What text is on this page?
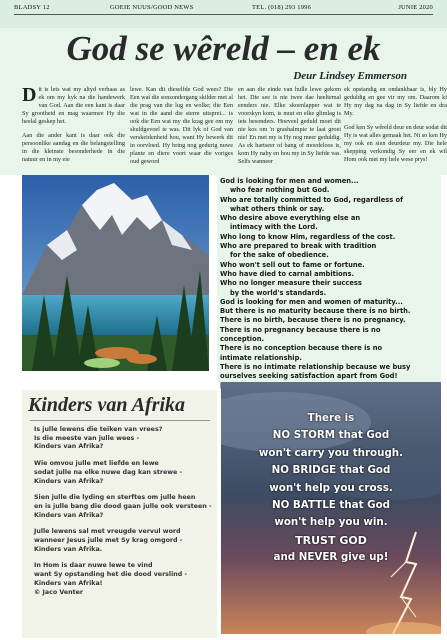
BLADSY 12	GOEIE NUUS/GOOD NEWS	TEL. (018) 293 1996	JUNIE 2020
God se wêreld – en ek
Deur Lindsey Emmerson

Dit is lets wat my altyd verbaas as ek om my kyk na die handewerk van God. Aan die een kant is daar Sy grootheid en mag waarmee Hy die heelal geskep het.

Aan die ander kant is daar ook die persoonlike aandag en die belangstelling in die kleinste besonderhede in die natuur en in my eie

lewe. Kan dit dieselfde God wees? Die Een wat die sonsondergang skilder met al die prag van die lug en wolke; die Een wat in die aand die sterre uitsprei... is ook die Een wat my die krag gee om my skuldgevoel te was. Dit lyk of God van verskeidenheid hou, want Hy bewerk dit in oorvloed. Hy bring nog gedurig nuwe plante en diere voort waar die voriges oud geword

en aan die einde van hulle lewe gekom het. Die see is nie twee dae heeltemal eenders nie. Elke skoenlapper wat te voorskyn kom, is nuut en elke glimlag is iets besonders. Hoeveel geduld moet dit nie kos om 'n grashalmpie te laat groei nie! En met my is Hy nog meer geduldig. As ek hartseer of bang of moedeloos is, kom Hy naby en hou my in Sy liefde vas. Selfs wanneer

ek opstandig en ondankbaar is, bly Hy geduldig en gee vir my om. Daarom ki Hy my dag na dag in Sy liefde en dra My.

God ken Sy wêreld deur en deur sodat dit Hy is wat alles gemaak het. Nt so ken Hy my ook en sien deurdeur my. Die hele skepping verkondig Sy eer en ek wil Hom ook met my hele wese prys!

God is looking for men and women...
who fear nothing but God.
Who are totally committed to God, regardless of
what others think or say.
Who desire above everything else an
intimacy with the Lord.
Who long to know Him, regardless of the cost.
Who are prepared to break with tradition
for the sake of obedience.
Who won't sell out to fame or fortune.
Who have died to carnal ambitions.
Who no longer measure their success
by the world's standards.
God is looking for men and women of maturity...
But there is no maturity because there is no birth.
There is no birth, because there is no pregnancy.
There is no pregnancy because there is no
conception.
There is no conception because there is no
intimate relationship.
There is no intimate relationship because we busy
ourselves seeking satisfaction apart from God!
Kinders van Afrika
Is julle lewens die teiken van vrees?
Is die meeste van julle wees -
Kinders van Afrika?
Wie omvou julle met liefde en lewe
sodat julle na elke nuwe dag kan strewe -
Kinders van Afrika?
Sien julle die lyding en sterftes om julle heen
en is julle bang die dood gaan julle ook versteen -
Kinders van Afrika?
Julle lewens sal met vreugde vervul word
wanneer Jesus julle met Sy krag omgord -
Kinders van Afrika.
In Hom is daar nuwe lewe te vind
want Sy opstanding het die dood verslind -
Kinders van Afrika!
© Jaco Venter
There is
NO STORM that God
won't carry you through.
NO BRIDGE that God
won't help you cross.
NO BATTLE that God
won't help you win.
TRUST GOD
and NEVER give up!
